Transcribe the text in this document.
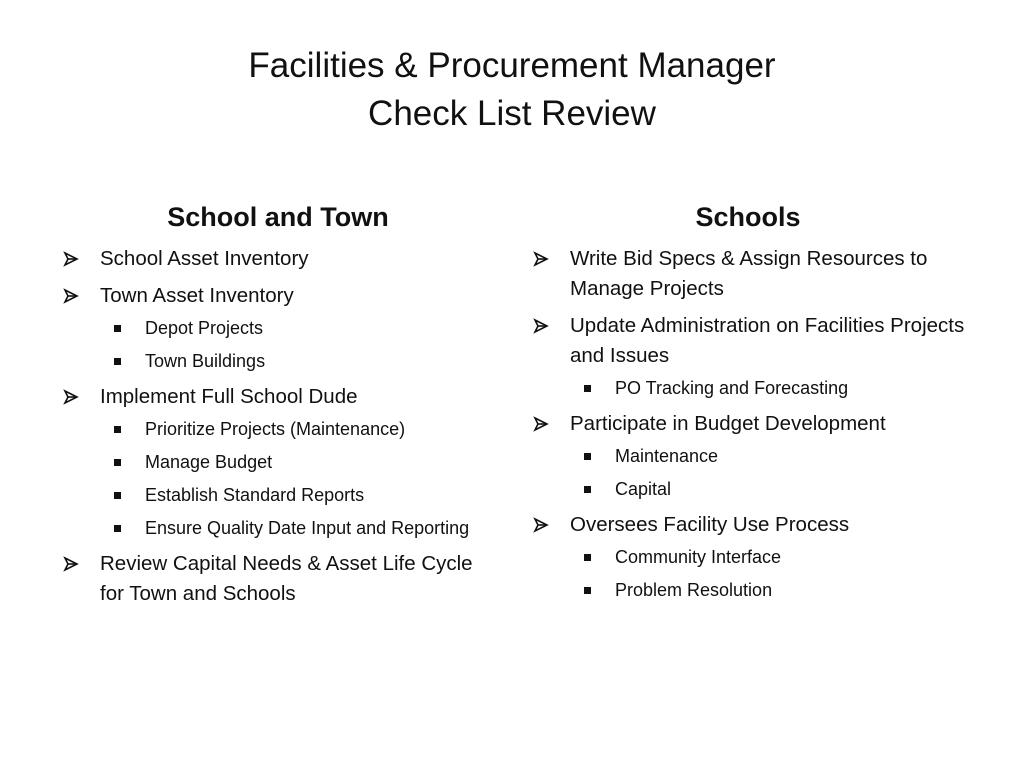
Facilities & Procurement Manager
Check List Review
School and Town
School Asset Inventory
Town Asset Inventory
Depot Projects
Town Buildings
Implement Full School Dude
Prioritize Projects (Maintenance)
Manage Budget
Establish Standard Reports
Ensure Quality Date Input and Reporting
Review Capital Needs & Asset Life Cycle for Town and Schools
Schools
Write Bid Specs & Assign Resources to Manage Projects
Update Administration on Facilities Projects and Issues
PO Tracking and Forecasting
Participate in Budget Development
Maintenance
Capital
Oversees Facility Use Process
Community Interface
Problem Resolution
